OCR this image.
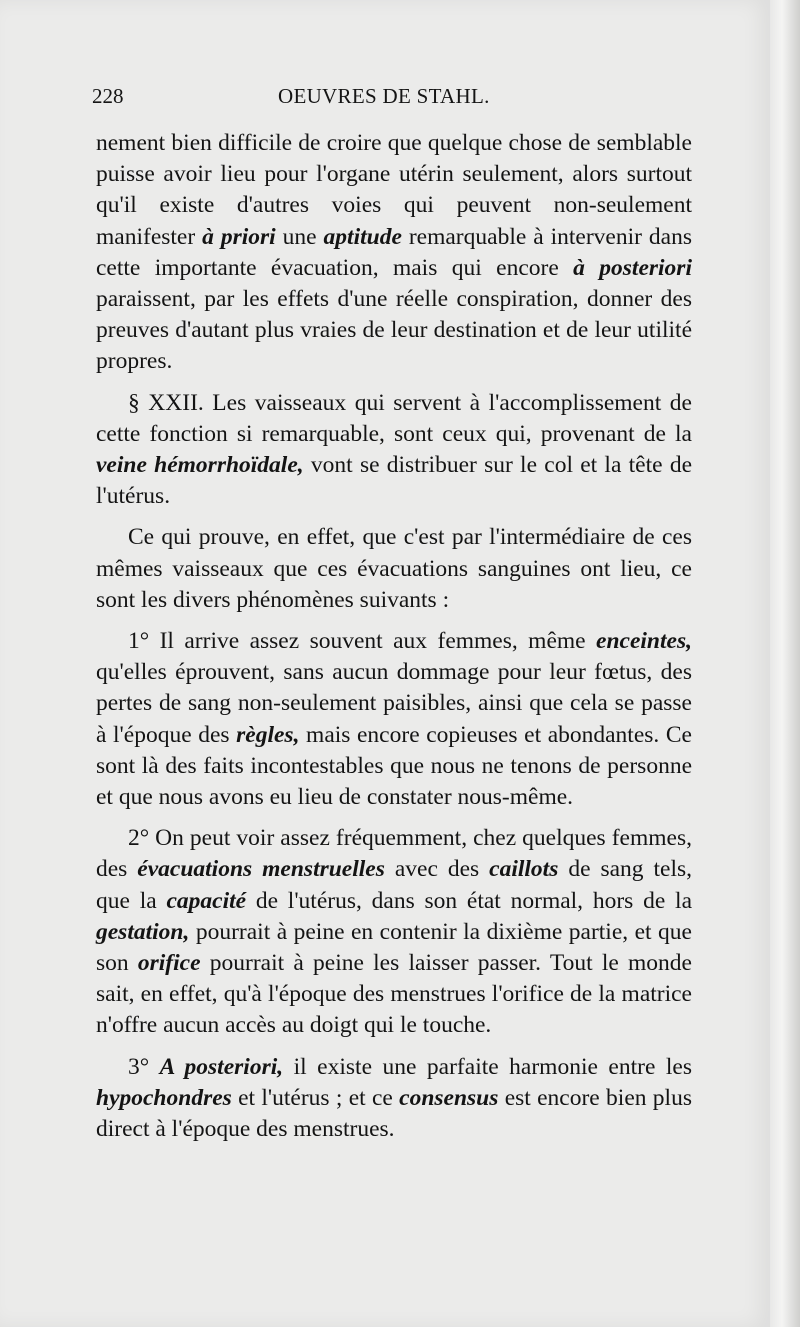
228	OEUVRES DE STAHL.

nement bien difficile de croire que quelque chose de semblable puisse avoir lieu pour l'organe utérin seulement, alors surtout qu'il existe d'autres voies qui peuvent non-seulement manifester à priori une aptitude remarquable à intervenir dans cette importante évacuation, mais qui encore à posteriori paraissent, par les effets d'une réelle conspiration, donner des preuves d'autant plus vraies de leur destination et de leur utilité propres.

§ XXII. Les vaisseaux qui servent à l'accomplissement de cette fonction si remarquable, sont ceux qui, provenant de la veine hémorrhoïdale, vont se distribuer sur le col et la tête de l'utérus.

Ce qui prouve, en effet, que c'est par l'intermédiaire de ces mêmes vaisseaux que ces évacuations sanguines ont lieu, ce sont les divers phénomènes suivants :

1° Il arrive assez souvent aux femmes, même enceintes, qu'elles éprouvent, sans aucun dommage pour leur fœtus, des pertes de sang non-seulement paisibles, ainsi que cela se passe à l'époque des règles, mais encore copieuses et abondantes. Ce sont là des faits incontestables que nous ne tenons de personne et que nous avons eu lieu de constater nous-même.

2° On peut voir assez fréquemment, chez quelques femmes, des évacuations menstruelles avec des caillots de sang tels, que la capacité de l'utérus, dans son état normal, hors de la gestation, pourrait à peine en contenir la dixième partie, et que son orifice pourrait à peine les laisser passer. Tout le monde sait, en effet, qu'à l'époque des menstrues l'orifice de la matrice n'offre aucun accès au doigt qui le touche.

3° A posteriori, il existe une parfaite harmonie entre les hypochondres et l'utérus ; et ce consensus est encore bien plus direct à l'époque des menstrues.
